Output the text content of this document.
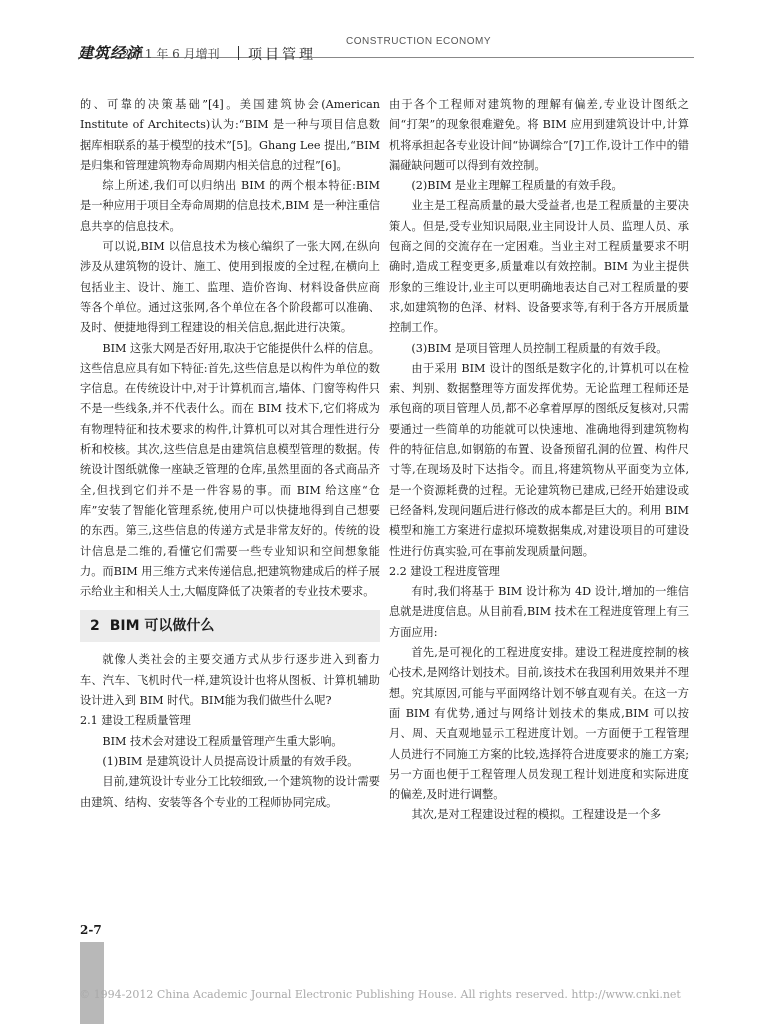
CONSTRUCTION ECONOMY
建筑经济
2011 年 6 月增刊 项目管理

的、可靠的决策基础”[4]。美国建筑协会(American Institute of Architects)认为:“BIM 是一种与项目信息数据库相联系的基于模型的技术”[5]。Ghang Lee 提出,“BIM是归集和管理建筑物寿命周期内相关信息的过程”[6]。

综上所述,我们可以归纳出 BIM 的两个根本特征:BIM 是一种应用于项目全寿命周期的信息技术,BIM 是一种注重信息共享的信息技术。

可以说,BIM 以信息技术为核心编织了一张大网,在纵向涉及从建筑物的设计、施工、使用到报废的全过程,在横向上包括业主、设计、施工、监理、造价咨询、材料设备供应商等各个单位。通过这张网,各个单位在各个阶段都可以准确、及时、便捷地得到工程建设的相关信息,据此进行决策。

BIM 这张大网是否好用,取决于它能提供什么样的信息。这些信息应具有如下特征:首先,这些信息是以构件为单位的数字信息。在传统设计中,对于计算机而言,墙体、门窗等构件只不是一些线条,并不代表什么。而在 BIM 技术下,它们将成为有物理特征和技术要求的构件,计算机可以对其合理性进行分析和校核。其次,这些信息是由建筑信息模型管理的数据。传统设计图纸就像一座缺乏管理的仓库,虽然里面的各式商品齐全,但找到它们并不是一件容易的事。而 BIM 给这座“仓库”安装了智能化管理系统,使用户可以快捷地得到自己想要的东西。第三,这些信息的传递方式是非常友好的。传统的设计信息是二维的,看懂它们需要一些专业知识和空间想象能力。而BIM 用三维方式来传递信息,把建筑物建成后的样子展示给业主和相关人士,大幅度降低了决策者的专业技术要求。

2 BIM 可以做什么

就像人类社会的主要交通方式从步行逐步进入到畜力车、汽车、飞机时代一样,建筑设计也将从图板、计算机辅助设计进入到 BIM 时代。BIM能为我们做些什么呢?

2.1 建设工程质量管理

BIM 技术会对建设工程质量管理产生重大影响。

(1)BIM 是建筑设计人员提高设计质量的有效手段。

目前,建筑设计专业分工比较细致,一个建筑物的设计需要由建筑、结构、安装等各个专业的工程师协同完成。

由于各个工程师对建筑物的理解有偏差,专业设计图纸之间“打架”的现象很难避免。将 BIM 应用到建筑设计中,计算机将承担起各专业设计间“协调综合”[7]工作,设计工作中的错漏碰缺问题可以得到有效控制。

(2)BIM 是业主理解工程质量的有效手段。

业主是工程高质量的最大受益者,也是工程质量的主要决策人。但是,受专业知识局限,业主同设计人员、监理人员、承包商之间的交流存在一定困难。当业主对工程质量要求不明确时,造成工程变更多,质量难以有效控制。BIM 为业主提供形象的三维设计,业主可以更明确地表达自己对工程质量的要求,如建筑物的色泽、材料、设备要求等,有利于各方开展质量控制工作。

(3)BIM 是项目管理人员控制工程质量的有效手段。

由于采用 BIM 设计的图纸是数字化的,计算机可以在检索、判别、数据整理等方面发挥优势。无论监理工程师还是承包商的项目管理人员,都不必拿着厚厚的图纸反复核对,只需要通过一些简单的功能就可以快速地、准确地得到建筑物构件的特征信息,如钢筋的布置、设备预留孔洞的位置、构件尺寸等,在现场及时下达指令。而且,将建筑物从平面变为立体,是一个资源耗费的过程。无论建筑物已建成,已经开始建设或已经备料,发现问题后进行修改的成本都是巨大的。利用 BIM 模型和施工方案进行虚拟环境数据集成,对建设项目的可建设性进行仿真实验,可在事前发现质量问题。

2.2 建设工程进度管理

有时,我们将基于 BIM 设计称为 4D 设计,增加的一维信息就是进度信息。从目前看,BIM 技术在工程进度管理上有三方面应用:

首先,是可视化的工程进度安排。建设工程进度控制的核心技术,是网络计划技术。目前,该技术在我国利用效果并不理想。究其原因,可能与平面网络计划不够直观有关。在这一方面 BIM 有优势,通过与网络计划技术的集成,BIM 可以按月、周、天直观地显示工程进度计划。一方面便于工程管理人员进行不同施工方案的比较,选择符合进度要求的施工方案;另一方面也便于工程管理人员发现工程计划进度和实际进度的偏差,及时进行调整。

其次,是对工程建设过程的模拟。工程建设是一个多

2-7
© 1994-2012 China Academic Journal Electronic Publishing House. All rights reserved. http://www.cnki.net
